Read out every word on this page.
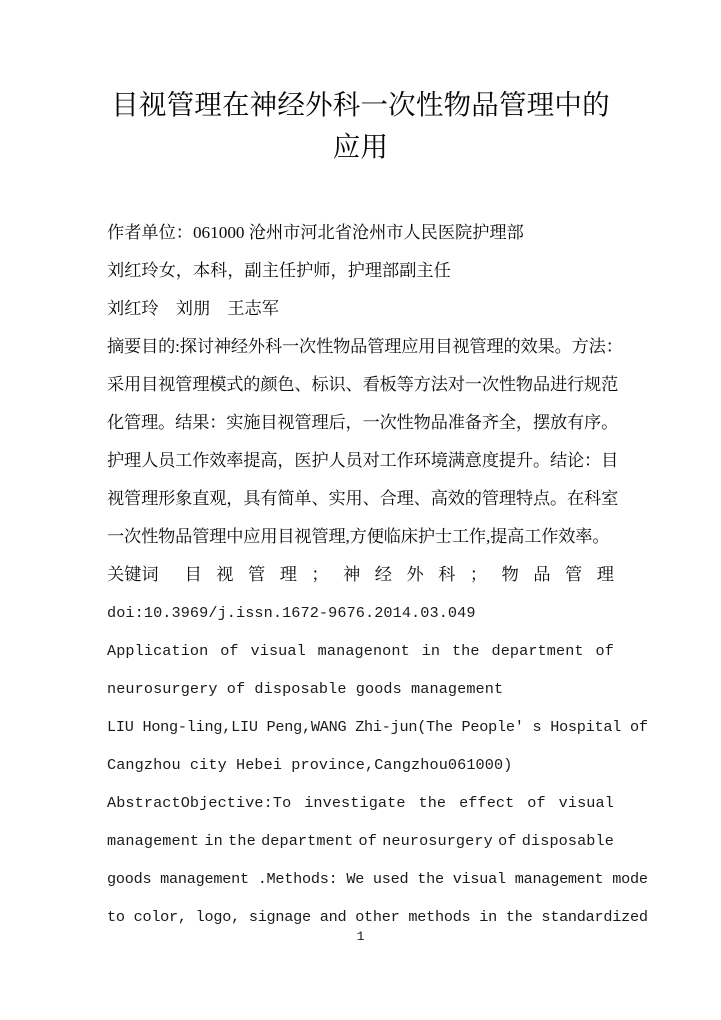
目视管理在神经外科一次性物品管理中的
应用
作者单位：061000 沧州市河北省沧州市人民医院护理部
刘红玲女，本科，副主任护师，护理部副主任
刘红玲　刘朋　王志军
摘要目的:探讨神经外科一次性物品管理应用目视管理的效果。方法：
采用目视管理模式的颜色、标识、看板等方法对一次性物品进行规范
化管理。结果：实施目视管理后，一次性物品准备齐全，摆放有序。
护理人员工作效率提高，医护人员对工作环境满意度提升。结论：目
视管理形象直观，具有简单、实用、合理、高效的管理特点。在科室
一次性物品管理中应用目视管理,方便临床护士工作,提高工作效率。
关键词 目 视 管 理 ； 神 经 外 科 ； 物 品 管 理
doi:10.3969/j.issn.1672-9676.2014.03.049
Application of visual managenont in the department of
neurosurgery of disposable goods management
LIU Hong-ling,LIU Peng,WANG Zhi-jun(The People′ s Hospital of
Cangzhou city Hebei province,Cangzhou061000)
AbstractObjective:To investigate the effect of visual
management in the department of neurosurgery of disposable
goods management .Methods: We used the visual management mode
to color, logo, signage and other methods in the standardized
1
